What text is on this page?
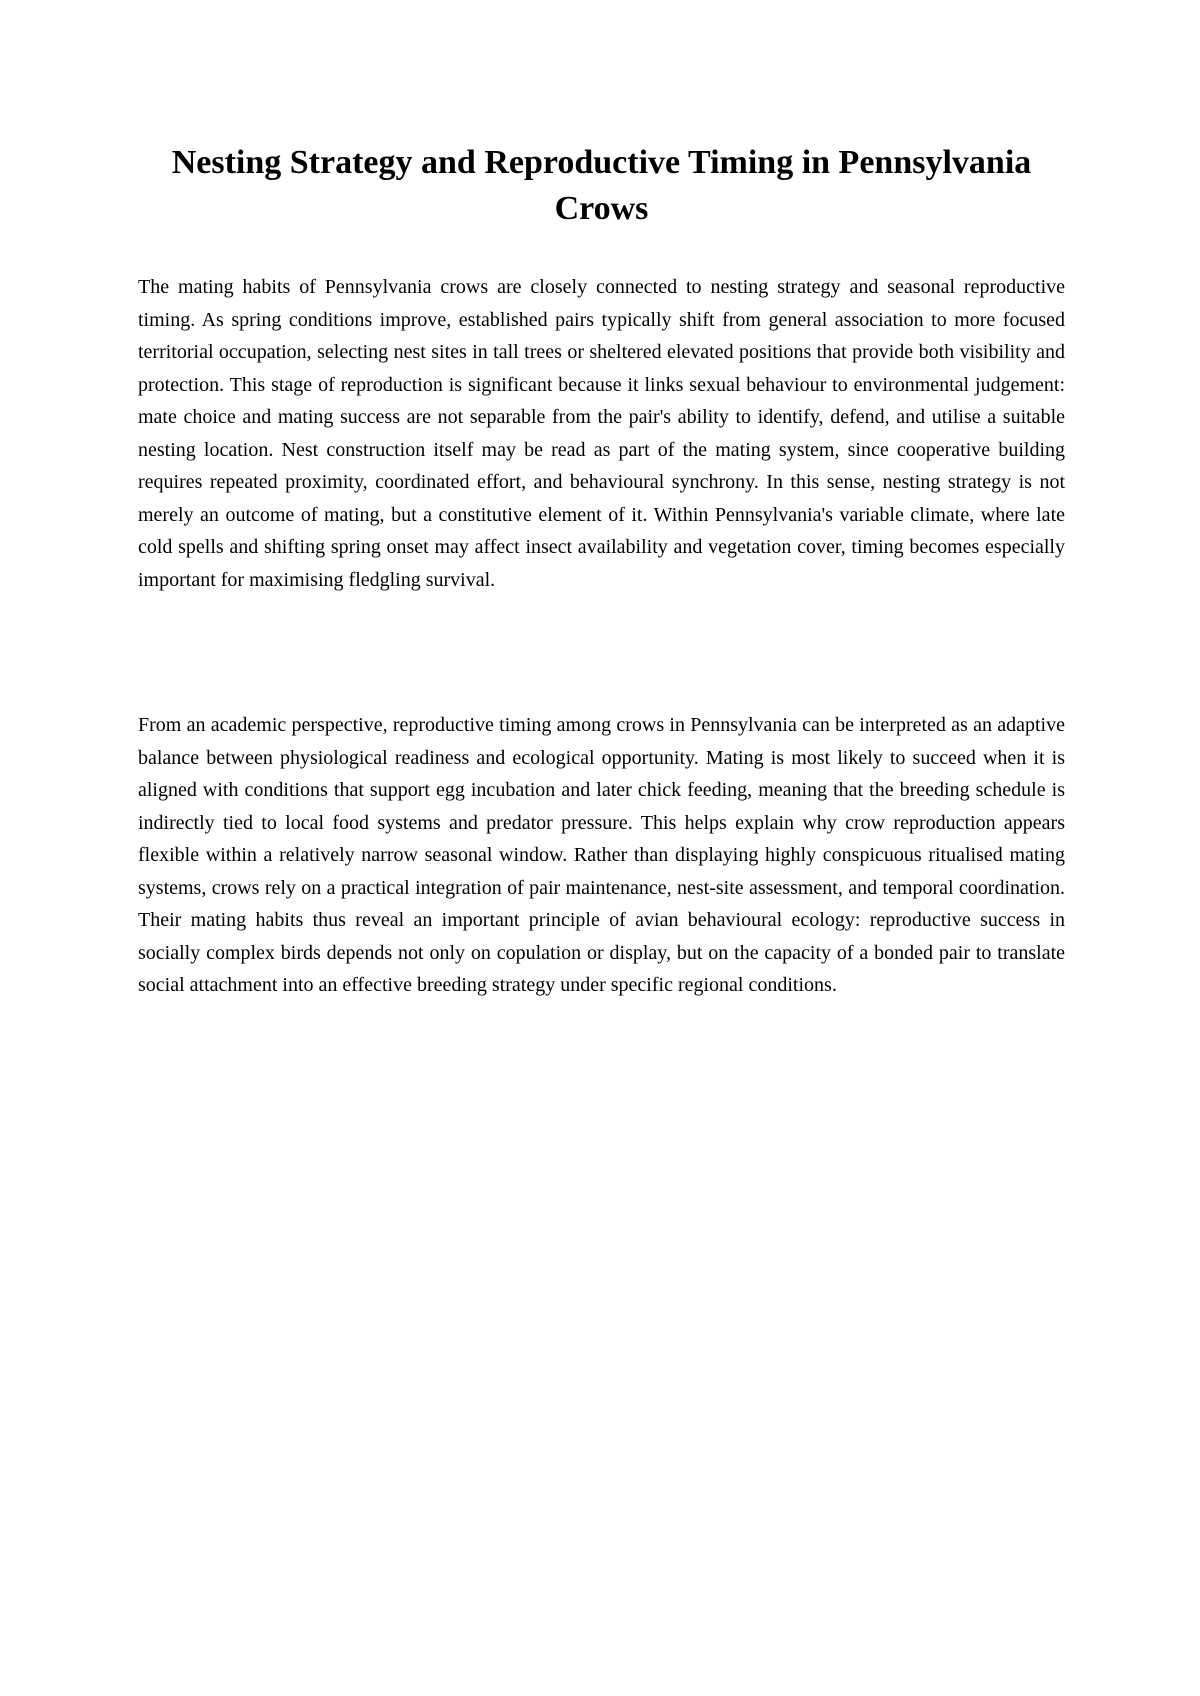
Nesting Strategy and Reproductive Timing in Pennsylvania Crows

The mating habits of Pennsylvania crows are closely connected to nesting strategy and seasonal reproductive timing. As spring conditions improve, established pairs typically shift from general association to more focused territorial occupation, selecting nest sites in tall trees or sheltered elevated positions that provide both visibility and protection. This stage of reproduction is significant because it links sexual behaviour to environmental judgement: mate choice and mating success are not separable from the pair's ability to identify, defend, and utilise a suitable nesting location. Nest construction itself may be read as part of the mating system, since cooperative building requires repeated proximity, coordinated effort, and behavioural synchrony. In this sense, nesting strategy is not merely an outcome of mating, but a constitutive element of it. Within Pennsylvania's variable climate, where late cold spells and shifting spring onset may affect insect availability and vegetation cover, timing becomes especially important for maximising fledgling survival.

From an academic perspective, reproductive timing among crows in Pennsylvania can be interpreted as an adaptive balance between physiological readiness and ecological opportunity. Mating is most likely to succeed when it is aligned with conditions that support egg incubation and later chick feeding, meaning that the breeding schedule is indirectly tied to local food systems and predator pressure. This helps explain why crow reproduction appears flexible within a relatively narrow seasonal window. Rather than displaying highly conspicuous ritualised mating systems, crows rely on a practical integration of pair maintenance, nest-site assessment, and temporal coordination. Their mating habits thus reveal an important principle of avian behavioural ecology: reproductive success in socially complex birds depends not only on copulation or display, but on the capacity of a bonded pair to translate social attachment into an effective breeding strategy under specific regional conditions.
